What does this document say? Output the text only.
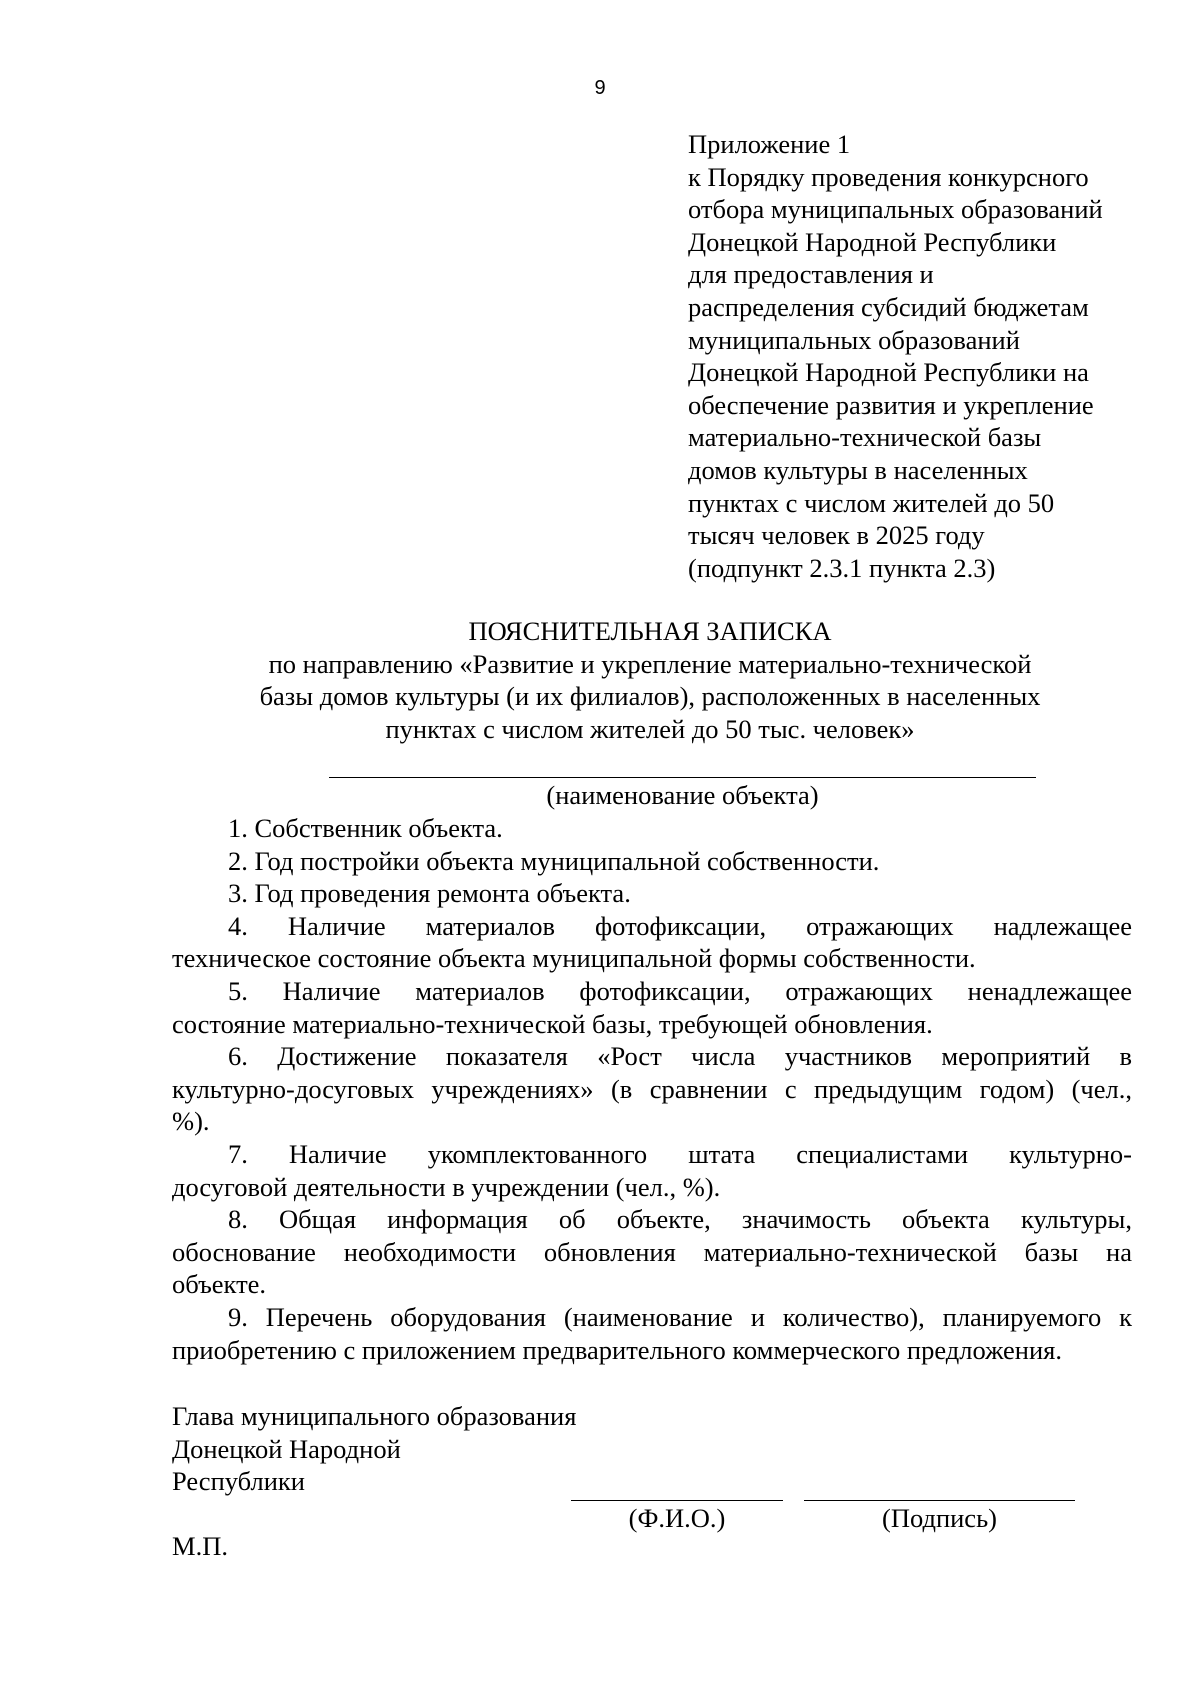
9
Приложение 1
к Порядку проведения конкурсного
отбора муниципальных образований
Донецкой Народной Республики
для предоставления и
распределения субсидий бюджетам
муниципальных образований
Донецкой Народной Республики на
обеспечение развития и укрепление
материально-технической базы
домов культуры в населенных
пунктах с числом жителей до 50
тысяч человек в 2025 году
(подпункт 2.3.1 пункта 2.3)
ПОЯСНИТЕЛЬНАЯ ЗАПИСКА
по направлению «Развитие и укрепление материально-технической
базы домов культуры (и их филиалов), расположенных в населенных
пунктах с числом жителей до 50 тыс. человек»
(наименование объекта)
1. Собственник объекта.
2. Год постройки объекта муниципальной собственности.
3. Год проведения ремонта объекта.
4. Наличие материалов фотофиксации, отражающих надлежащее
техническое состояние объекта муниципальной формы собственности.
5. Наличие материалов фотофиксации, отражающих ненадлежащее
состояние материально-технической базы, требующей обновления.
6. Достижение показателя «Рост числа участников мероприятий в
культурно-досуговых учреждениях» (в сравнении с предыдущим годом) (чел.,
%).
7. Наличие укомплектованного штата специалистами культурно-
досуговой деятельности в учреждении (чел., %).
8. Общая информация об объекте, значимость объекта культуры,
обоснование необходимости обновления материально-технической базы на
объекте.
9. Перечень оборудования (наименование и количество), планируемого к
приобретению с приложением предварительного коммерческого предложения.
Глава муниципального образования
Донецкой Народной
Республики
(Ф.И.О.)	(Подпись)
М.П.
